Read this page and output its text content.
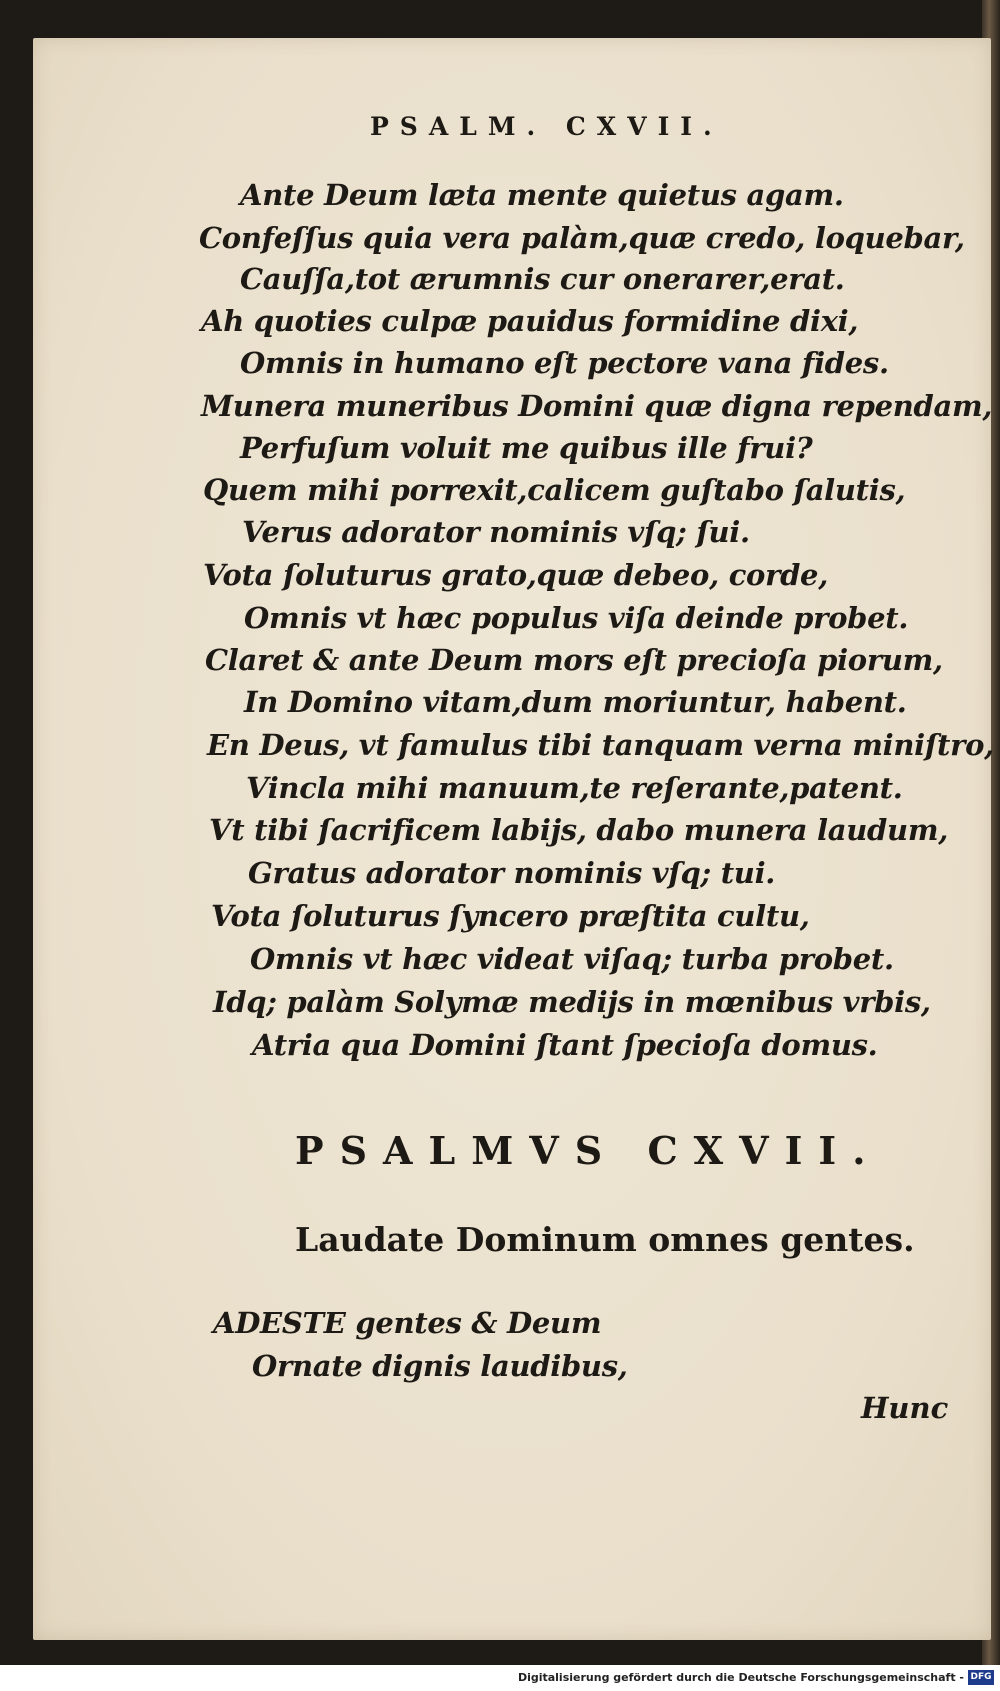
PSALM. CXVII.

Ante Deum læta mente quietus agam.

Confeſſus quia vera palàm,quæ credo, loquebar,

Cauſſa,tot ærumnis cur onerarer,erat.

Ah quoties culpæ pauidus formidine dixi,

Omnis in humano eſt pectore vana fides.

Munera muneribus Domini quæ digna rependam,

Perfuſum voluit me quibus ille frui?

Quem mihi porrexit,calicem guſtabo ſalutis,

Verus adorator nominis vſq; ſui.

Vota ſoluturus grato,quæ debeo, corde,

Omnis vt hæc populus viſa deinde probet.

Claret & ante Deum mors eſt precioſa piorum,

In Domino vitam,dum moriuntur, habent.

En Deus, vt famulus tibi tanquam verna miniſtro,

Vincla mihi manuum,te reſerante,patent.

Vt tibi ſacrificem labijs, dabo munera laudum,

Gratus adorator nominis vſq; tui.

Vota ſoluturus ſyncero præſtita cultu,

Omnis vt hæc videat viſaq; turba probet.

Idq; palàm Solymæ medijs in mœnibus vrbis,

Atria qua Domini ſtant ſpecioſa domus.

PSALMVS CXVII.
Laudate Dominum omnes gentes.

ADESTE gentes & Deum

Ornate dignis laudibus,

Hunc
Digitalisierung gefördert durch die Deutsche Forschungsgemeinschaft - DFG
